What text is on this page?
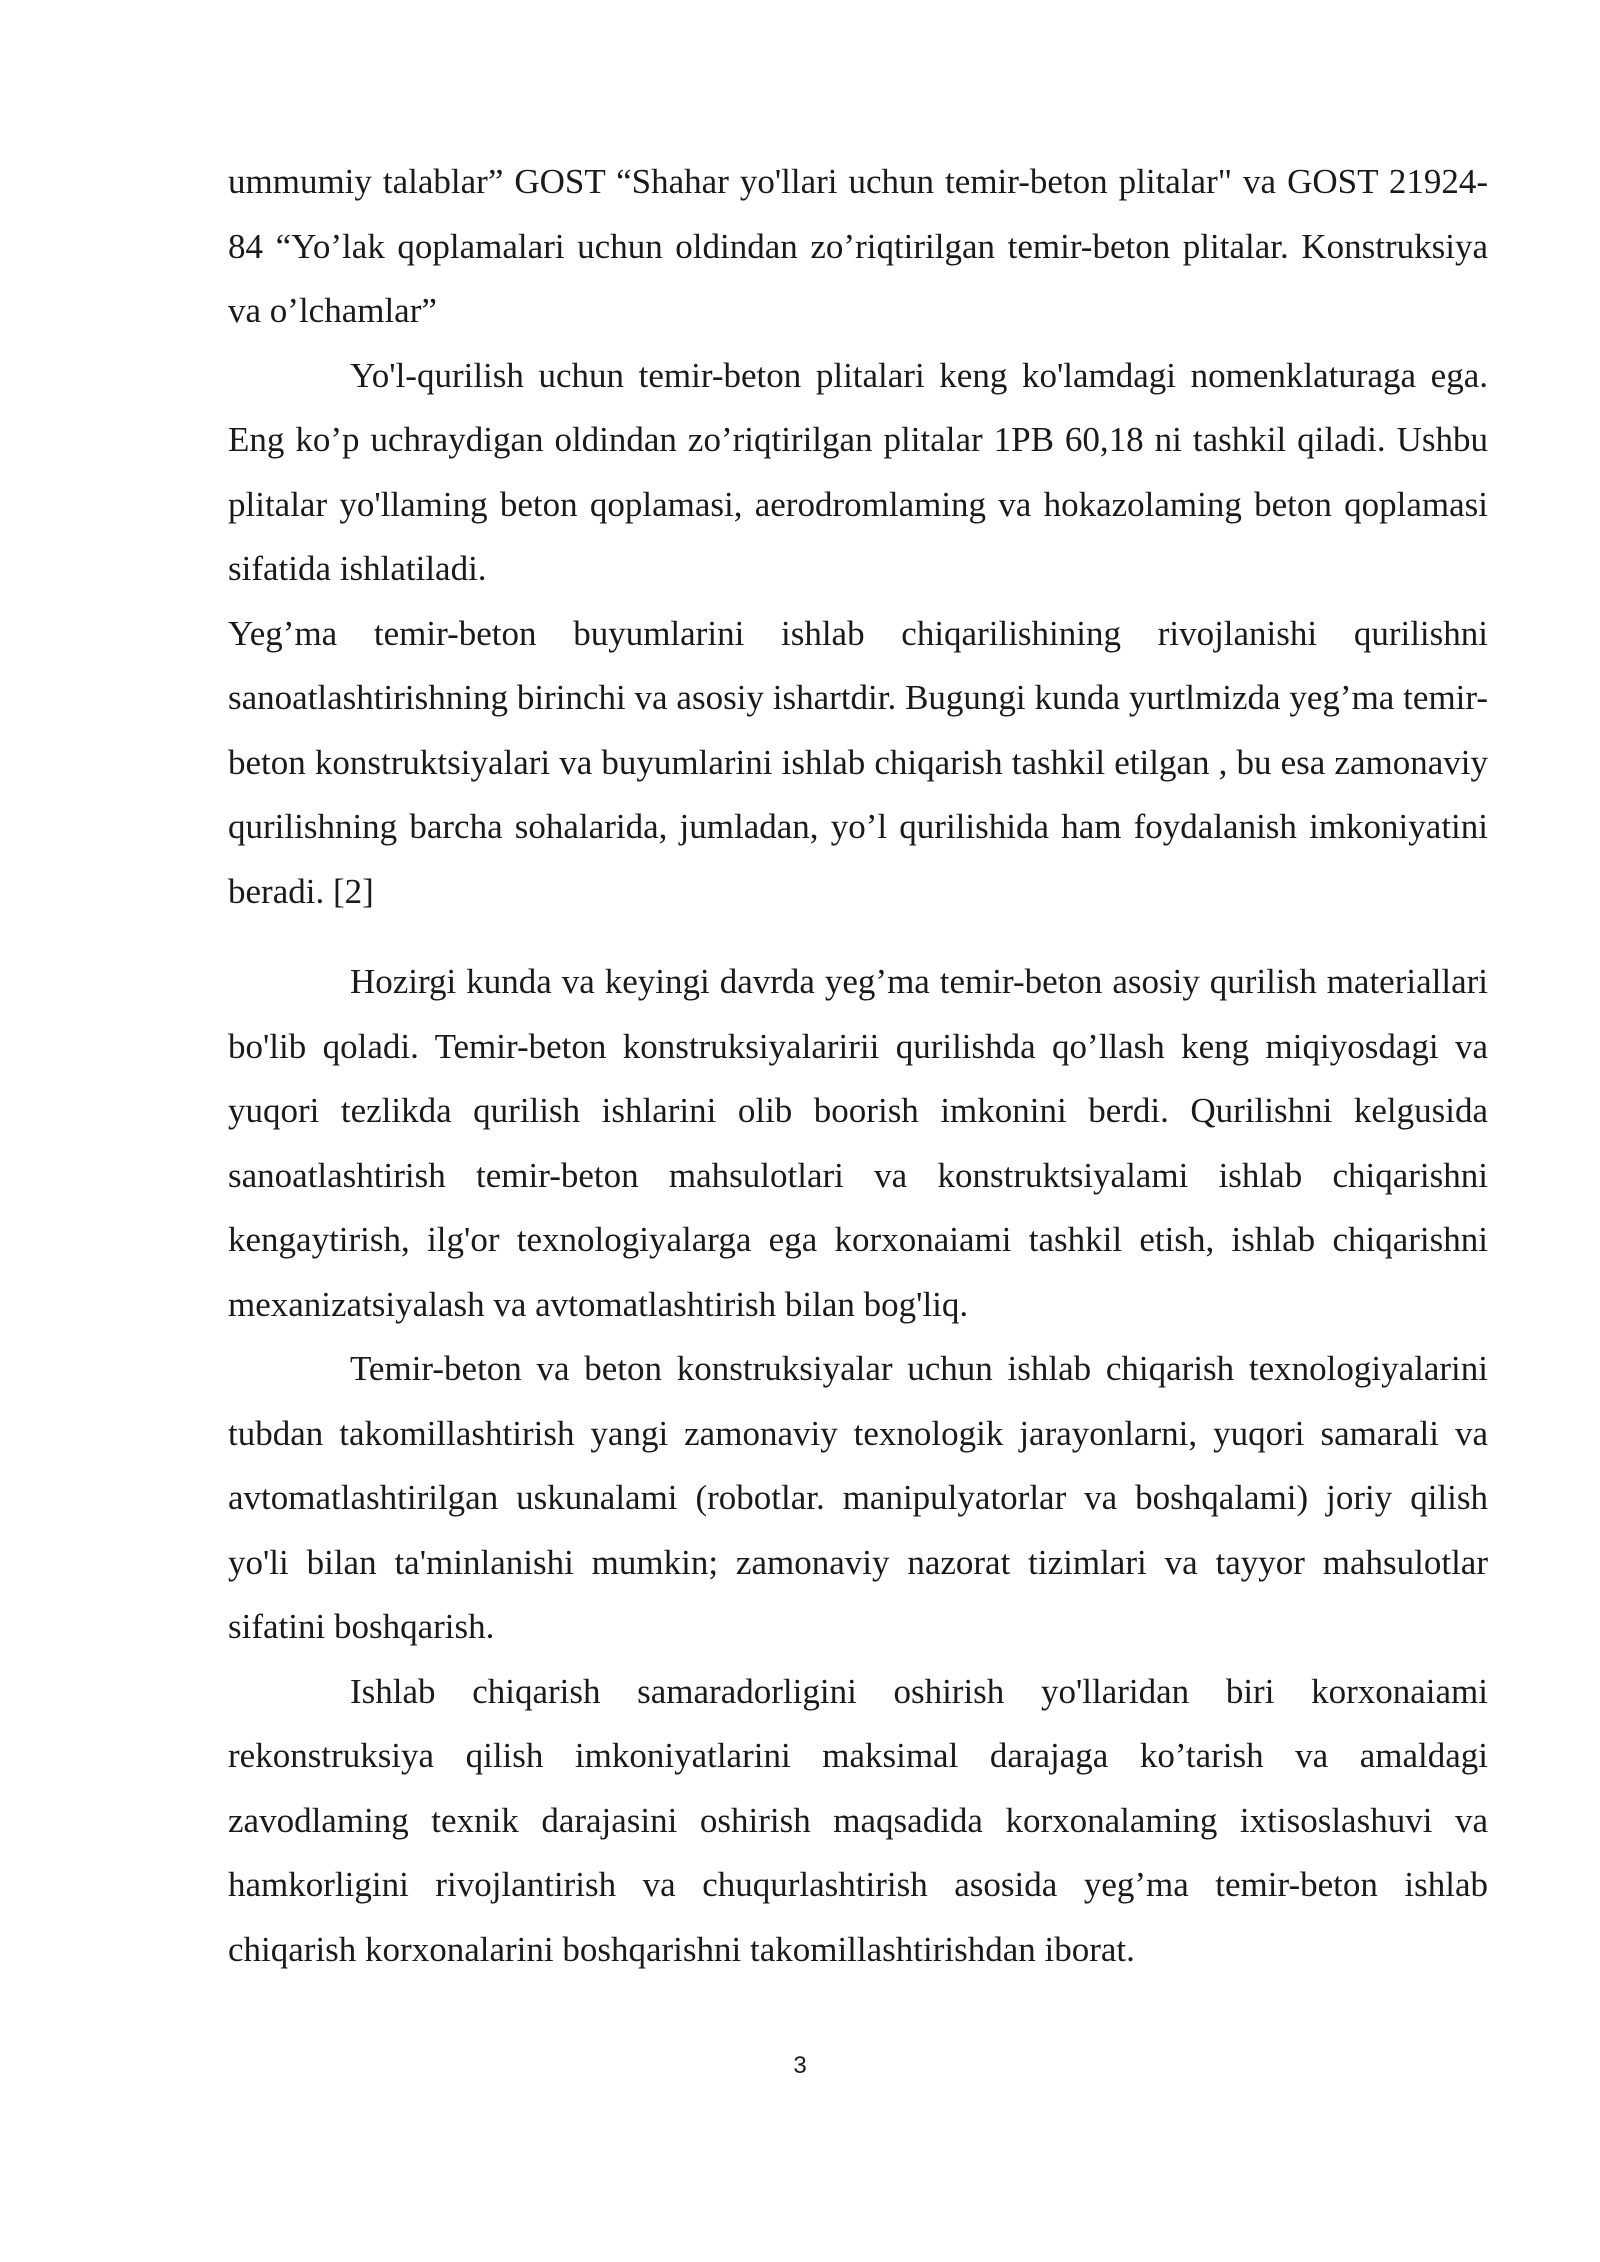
ummumiy talablar” GOST “Shahar yo'llari uchun temir-beton plitalar" va GOST 21924-84 “Yo’lak qoplamalari uchun oldindan zo’riqtirilgan temir-beton plitalar. Konstruksiya va o’lchamlar”

Yo'l-qurilish uchun temir-beton plitalari keng ko'lamdagi nomenklaturaga ega. Eng ko’p uchraydigan oldindan zo’riqtirilgan plitalar 1PB 60,18 ni tashkil qiladi. Ushbu plitalar yo'llaming beton qoplamasi, aerodromlaming va hokazolaming beton qoplamasi sifatida ishlatiladi.

Yeg’ma temir-beton buyumlarini ishlab chiqarilishining rivojlanishi qurilishni sanoatlashtirishning birinchi va asosiy ishartdir. Bugungi kunda yurtlmizda yeg’ma temir-beton konstruktsiyalari va buyumlarini ishlab chiqarish tashkil etilgan , bu esa zamonaviy qurilishning barcha sohalarida, jumladan, yo’l qurilishida ham foydalanish imkoniyatini beradi. [2]

Hozirgi kunda va keyingi davrda yeg’ma temir-beton asosiy qurilish materiallari bo'lib qoladi. Temir-beton konstruksiyalaririi qurilishda qo’llash keng miqiyosdagi va yuqori tezlikda qurilish ishlarini olib boorish imkonini berdi. Qurilishni kelgusida sanoatlashtirish temir-beton mahsulotlari va konstruktsiyalami ishlab chiqarishni kengaytirish, ilg'or texnologiyalarga ega korxonaiami tashkil etish, ishlab chiqarishni mexanizatsiyalash va avtomatlashtirish bilan bog'liq.

Temir-beton va beton konstruksiyalar uchun ishlab chiqarish texnologiyalarini tubdan takomillashtirish yangi zamonaviy texnologik jarayonlarni, yuqori samarali va avtomatlashtirilgan uskunalami (robotlar. manipulyatorlar va boshqalami) joriy qilish yo'li bilan ta'minlanishi mumkin; zamonaviy nazorat tizimlari va tayyor mahsulotlar sifatini boshqarish.

Ishlab chiqarish samaradorligini oshirish yo'llaridan biri korxonaiami rekonstruksiya qilish imkoniyatlarini maksimal darajaga ko’tarish va amaldagi zavodlaming texnik darajasini oshirish maqsadida korxonalaming ixtisoslashuvi va hamkorligini rivojlantirish va chuqurlashtirish asosida yeg’ma temir-beton ishlab chiqarish korxonalarini boshqarishni takomillashtirishdan iborat.

3
